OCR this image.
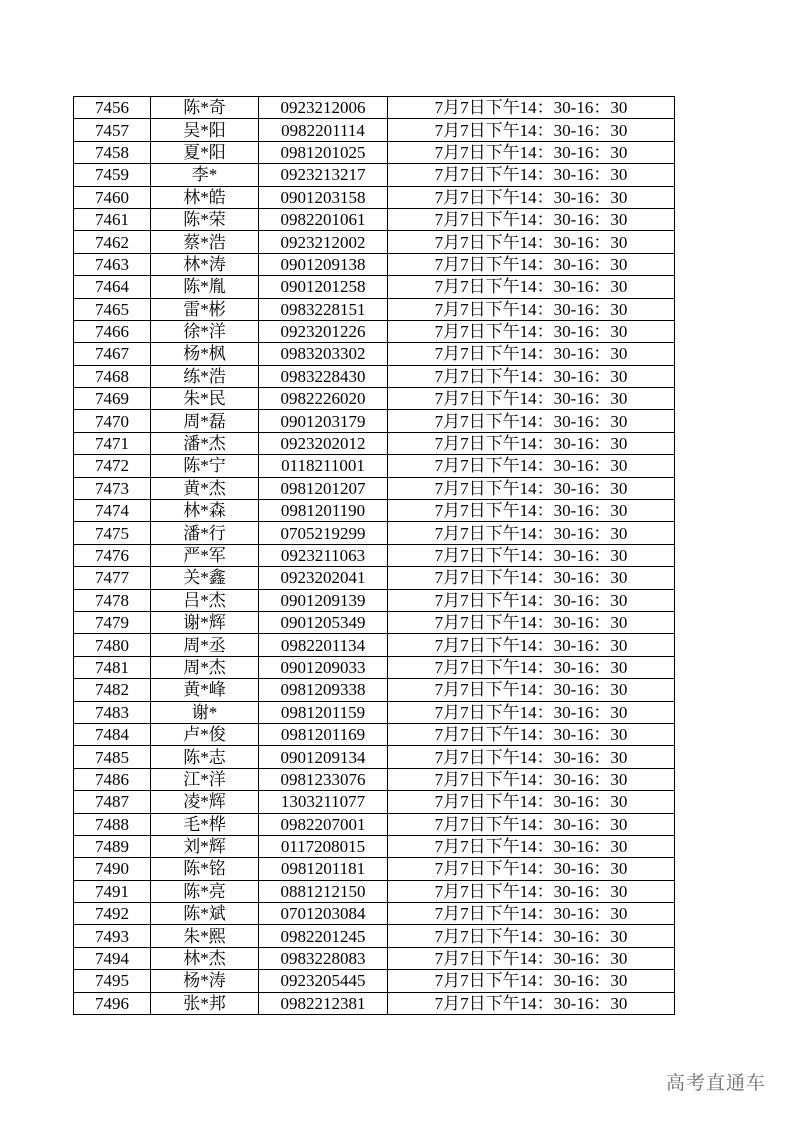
7456	陈*奇	0923212006	7月7日下午14：30-16：30
7457	吴*阳	0982201114	7月7日下午14：30-16：30
7458	夏*阳	0981201025	7月7日下午14：30-16：30
7459	李*	0923213217	7月7日下午14：30-16：30
7460	林*皓	0901203158	7月7日下午14：30-16：30
7461	陈*荣	0982201061	7月7日下午14：30-16：30
7462	蔡*浩	0923212002	7月7日下午14：30-16：30
7463	林*涛	0901209138	7月7日下午14：30-16：30
7464	陈*胤	0901201258	7月7日下午14：30-16：30
7465	雷*彬	0983228151	7月7日下午14：30-16：30
7466	徐*洋	0923201226	7月7日下午14：30-16：30
7467	杨*枫	0983203302	7月7日下午14：30-16：30
7468	练*浩	0983228430	7月7日下午14：30-16：30
7469	朱*民	0982226020	7月7日下午14：30-16：30
7470	周*磊	0901203179	7月7日下午14：30-16：30
7471	潘*杰	0923202012	7月7日下午14：30-16：30
7472	陈*宁	0118211001	7月7日下午14：30-16：30
7473	黄*杰	0981201207	7月7日下午14：30-16：30
7474	林*森	0981201190	7月7日下午14：30-16：30
7475	潘*行	0705219299	7月7日下午14：30-16：30
7476	严*军	0923211063	7月7日下午14：30-16：30
7477	关*鑫	0923202041	7月7日下午14：30-16：30
7478	吕*杰	0901209139	7月7日下午14：30-16：30
7479	谢*辉	0901205349	7月7日下午14：30-16：30
7480	周*丞	0982201134	7月7日下午14：30-16：30
7481	周*杰	0901209033	7月7日下午14：30-16：30
7482	黄*峰	0981209338	7月7日下午14：30-16：30
7483	谢*	0981201159	7月7日下午14：30-16：30
7484	卢*俊	0981201169	7月7日下午14：30-16：30
7485	陈*志	0901209134	7月7日下午14：30-16：30
7486	江*洋	0981233076	7月7日下午14：30-16：30
7487	凌*辉	1303211077	7月7日下午14：30-16：30
7488	毛*桦	0982207001	7月7日下午14：30-16：30
7489	刘*辉	0117208015	7月7日下午14：30-16：30
7490	陈*铭	0981201181	7月7日下午14：30-16：30
7491	陈*亮	0881212150	7月7日下午14：30-16：30
7492	陈*斌	0701203084	7月7日下午14：30-16：30
7493	朱*熙	0982201245	7月7日下午14：30-16：30
7494	林*杰	0983228083	7月7日下午14：30-16：30
7495	杨*涛	0923205445	7月7日下午14：30-16：30
7496	张*邦	0982212381	7月7日下午14：30-16：30
高考直通车
